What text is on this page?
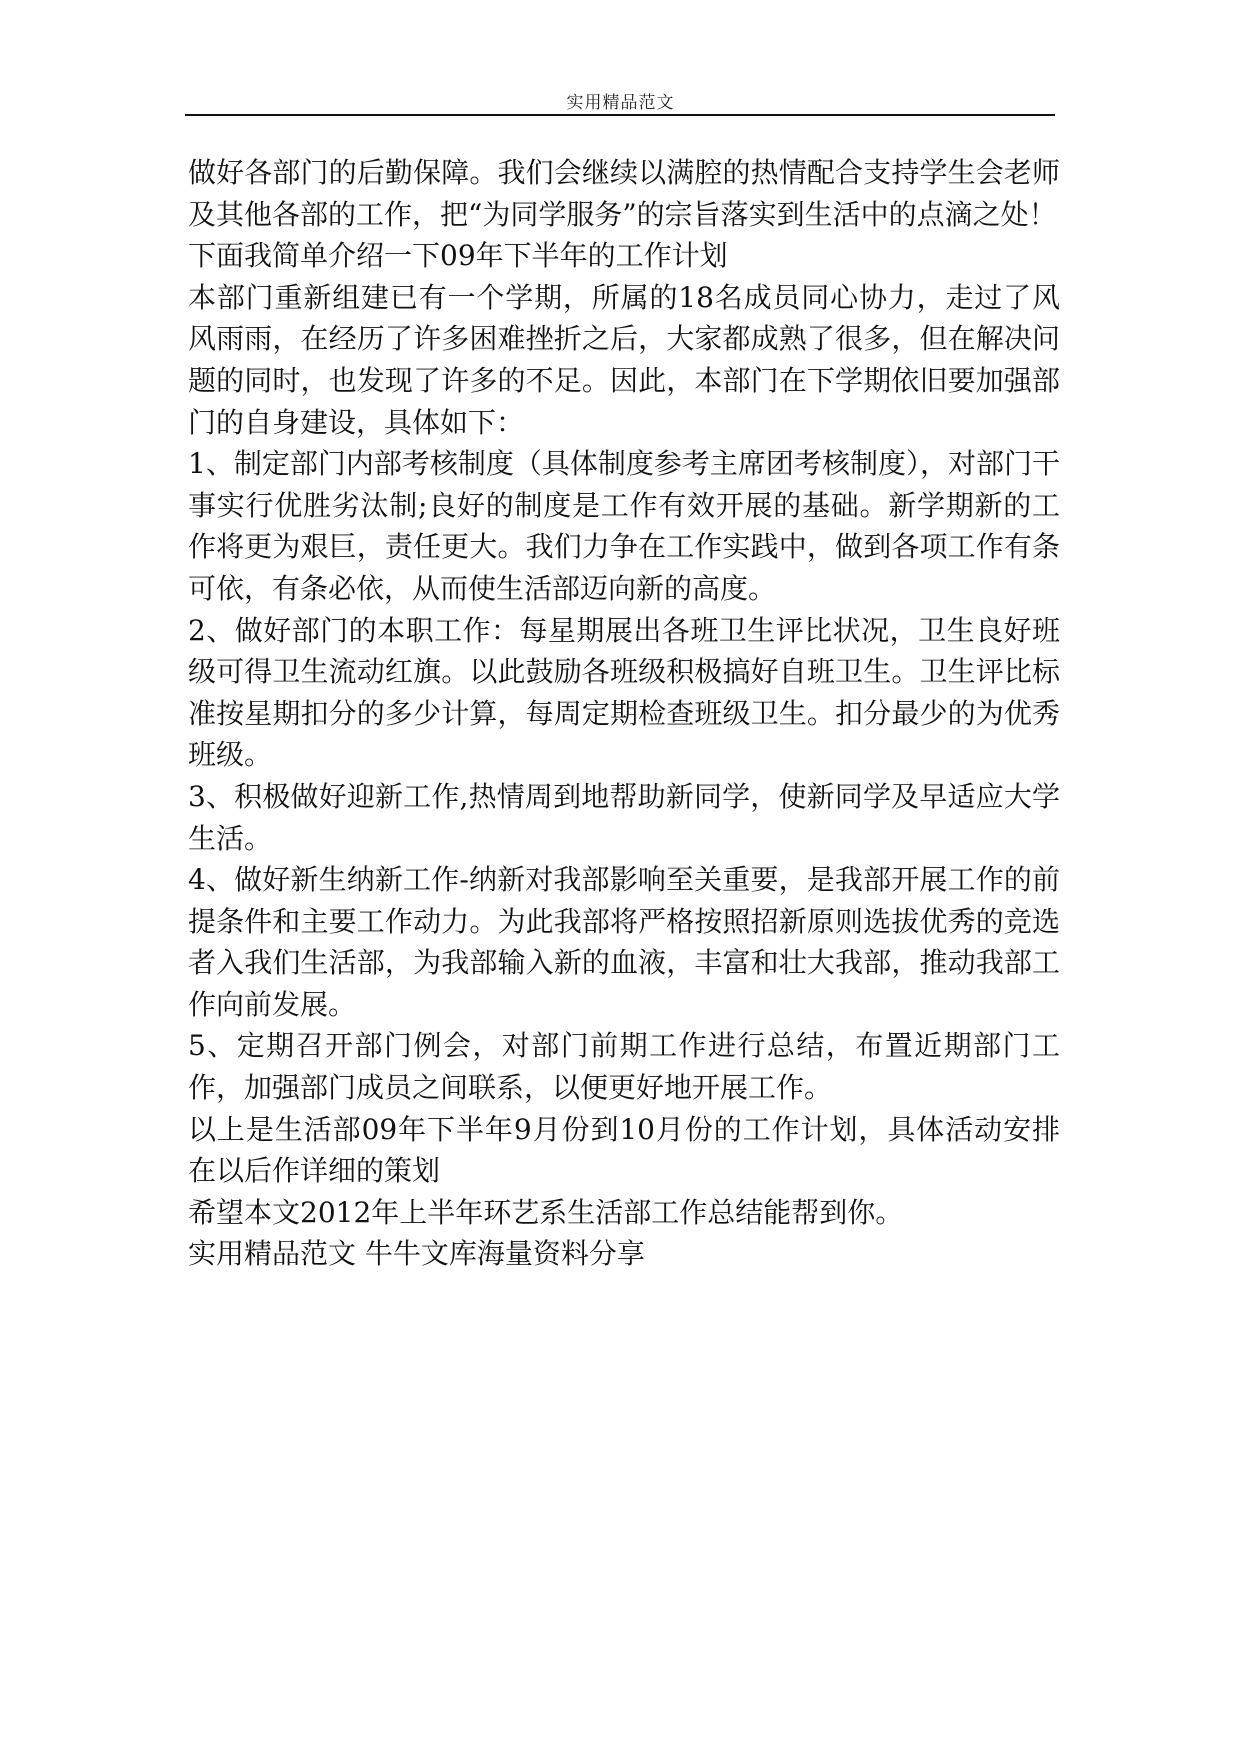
实用精品范文

做好各部门的后勤保障。我们会继续以满腔的热情配合支持学生会老师及其他各部的工作，把“为同学服务”的宗旨落实到生活中的点滴之处！

下面我简单介绍一下09年下半年的工作计划

本部门重新组建已有一个学期，所属的18名成员同心协力，走过了风风雨雨，在经历了许多困难挫折之后，大家都成熟了很多，但在解决问题的同时，也发现了许多的不足。因此，本部门在下学期依旧要加强部门的自身建设，具体如下：

1、制定部门内部考核制度（具体制度参考主席团考核制度），对部门干事实行优胜劣汰制;良好的制度是工作有效开展的基础。新学期新的工作将更为艰巨，责任更大。我们力争在工作实践中，做到各项工作有条可依，有条必依，从而使生活部迈向新的高度。

2、做好部门的本职工作：每星期展出各班卫生评比状况，卫生良好班级可得卫生流动红旗。以此鼓励各班级积极搞好自班卫生。卫生评比标准按星期扣分的多少计算，每周定期检查班级卫生。扣分最少的为优秀班级。

3、积极做好迎新工作,热情周到地帮助新同学，使新同学及早适应大学生活。

4、做好新生纳新工作-纳新对我部影响至关重要，是我部开展工作的前提条件和主要工作动力。为此我部将严格按照招新原则选拔优秀的竞选者入我们生活部，为我部输入新的血液，丰富和壮大我部，推动我部工作向前发展。

5、定期召开部门例会，对部门前期工作进行总结，布置近期部门工作，加强部门成员之间联系，以便更好地开展工作。

以上是生活部09年下半年9月份到10月份的工作计划，具体活动安排在以后作详细的策划

希望本文2012年上半年环艺系生活部工作总结能帮到你。

实用精品范文 牛牛文库海量资料分享
